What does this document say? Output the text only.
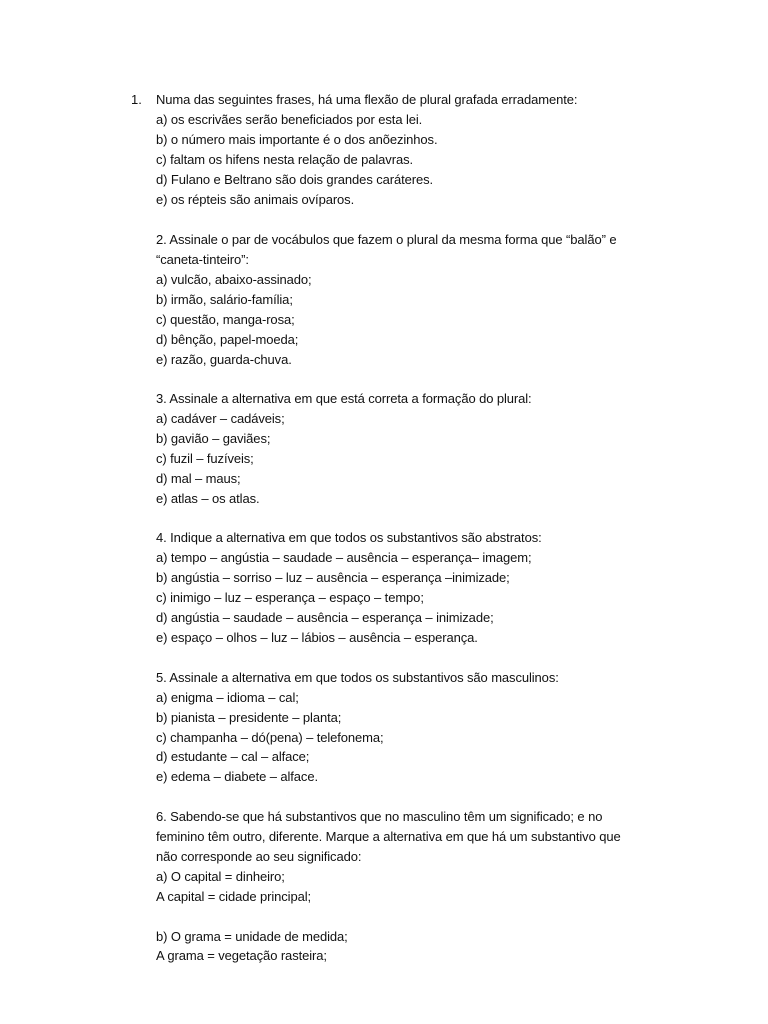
1. Numa das seguintes frases, há uma flexão de plural grafada erradamente:
a) os escrivães serão beneficiados por esta lei.
b) o número mais importante é o dos anõezinhos.
c) faltam os hifens nesta relação de palavras.
d) Fulano e Beltrano são dois grandes caráteres.
e) os répteis são animais ovíparos.
2. Assinale o par de vocábulos que fazem o plural da mesma forma que “balão” e
“caneta-tinteiro”:
a) vulcão, abaixo-assinado;
b) irmão, salário-família;
c) questão, manga-rosa;
d) bênção, papel-moeda;
e) razão, guarda-chuva.
3. Assinale a alternativa em que está correta a formação do plural:
a) cadáver – cadáveis;
b) gavião – gaviães;
c) fuzil – fuzíveis;
d) mal – maus;
e) atlas – os atlas.
4. Indique a alternativa em que todos os substantivos são abstratos:
a) tempo – angústia – saudade – ausência – esperança– imagem;
b) angústia – sorriso – luz – ausência – esperança –inimizade;
c) inimigo – luz – esperança – espaço – tempo;
d) angústia – saudade – ausência – esperança – inimizade;
e) espaço – olhos – luz – lábios – ausência – esperança.
5. Assinale a alternativa em que todos os substantivos são masculinos:
a) enigma – idioma – cal;
b) pianista – presidente – planta;
c) champanha – dó(pena) – telefonema;
d) estudante – cal – alface;
e) edema – diabete – alface.
6. Sabendo-se que há substantivos que no masculino têm um significado; e no
feminino têm outro, diferente. Marque a alternativa em que há um substantivo que
não corresponde ao seu significado:
a) O capital = dinheiro;
A capital = cidade principal;
b) O grama = unidade de medida;
A grama = vegetação rasteira;
